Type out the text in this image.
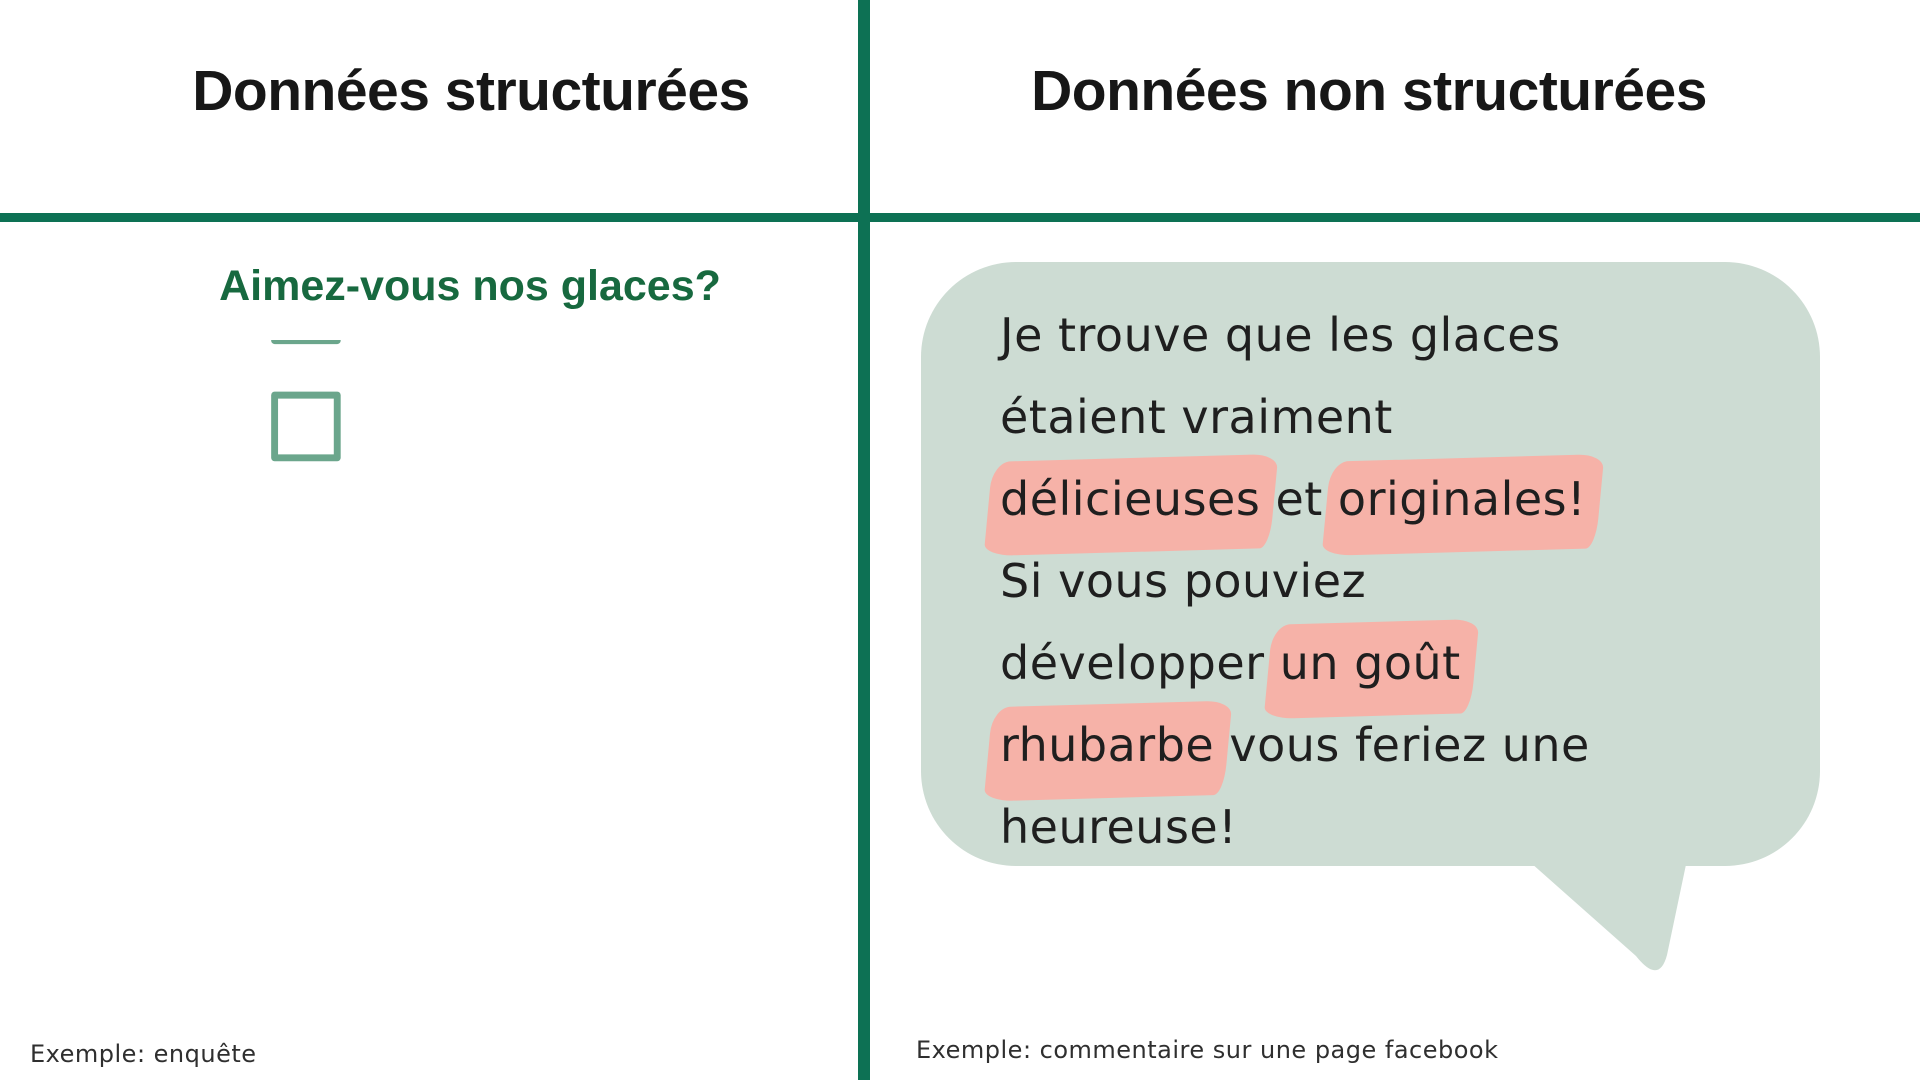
Données structurées	Données non structurées
Aimez-vous nos glaces?
Exemple: enquête
Je trouve que les glaces
étaient vraiment
délicieuses et originales!
Si vous pouviez
développer un goût
rhubarbe vous feriez une
heureuse!
Exemple: commentaire sur une page facebook
